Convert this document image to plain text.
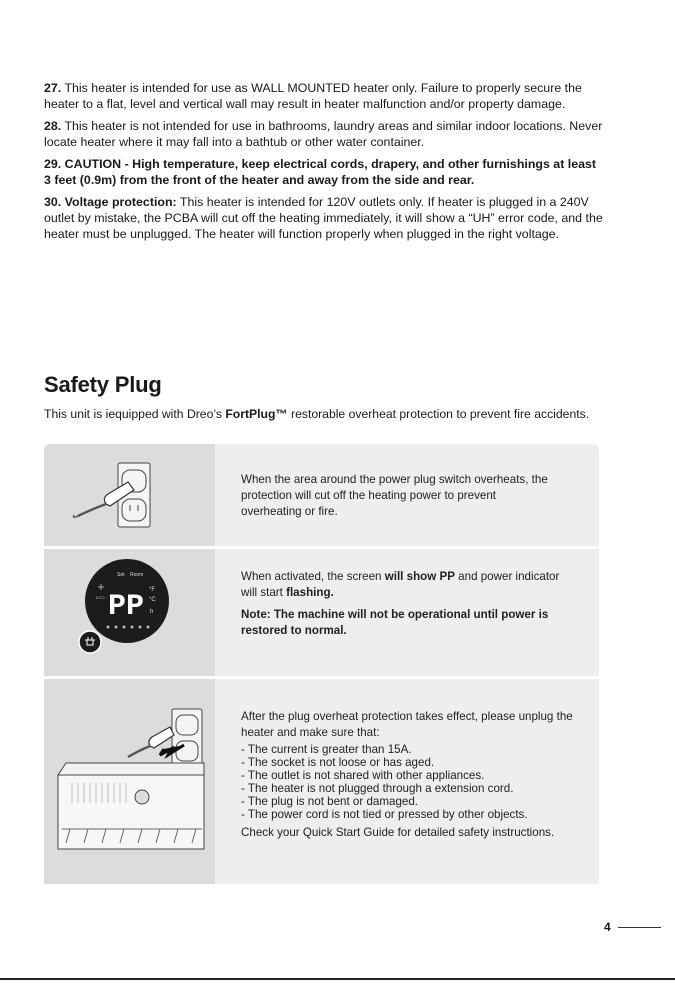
27. This heater is intended for use as WALL MOUNTED heater only. Failure to properly secure the heater to a flat, level and vertical wall may result in heater malfunction and/or property damage.

28. This heater is not intended for use in bathrooms, laundry areas and similar indoor locations. Never locate heater where it may fall into a bathtub or other water container.

29. CAUTION - High temperature, keep electrical cords, drapery, and other furnishings at least 3 feet (0.9m) from the front of the heater and away from the side and rear.

30. Voltage protection: This heater is intended for 120V outlets only. If heater is plugged in a 240V outlet by mistake, the PCBA will cut off the heating immediately, it will show a “UH” error code, and the heater must be unplugged. The heater will function properly when plugged in the right voltage.

Safety Plug

This unit is iequipped with Dreo’s FortPlug™ restorable overheat protection to prevent fire accidents.

When the area around the power plug switch overheats, the protection will cut off the heating power to prevent overheating or fire.

Set Room
ECO
°F
°C
h
PP

When activated, the screen will show PP and power indicator will start flashing.

Note: The machine will not be operational until power is restored to normal.

After the plug overheat protection takes effect, please unplug the heater and make sure that:

- The current is greater than 15A.
- The socket is not loose or has aged.
- The outlet is not shared with other appliances.
- The heater is not plugged through a extension cord.
- The plug is not bent or damaged.
- The power cord is not tied or pressed by other objects.

Check your Quick Start Guide for detailed safety instructions.

4
